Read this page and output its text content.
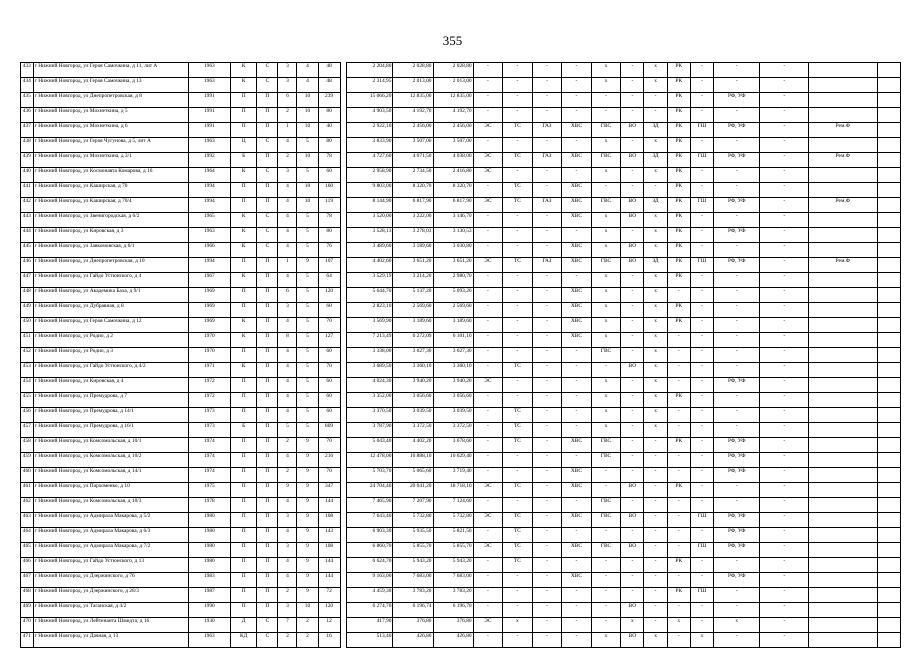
355
433	г Нижний Новгород, ул Героя Самочкина, д 11, лит А	1963	К	С	3	4	48		2 204,80	2 028,80	2 028,80	-	-	-	-	х	-	х	РК	-	-	-		
434	г Нижний Новгород, ул Героя Самочкина, д 13	1963	К	С	3	4	48		2 314,95	2 013,00	2 013,00	-	-	-	-	х	-	х	РК	-	-	-		
435	г Нижний Новгород, ул Днепропетровская, д 8	1991	П	П	6	10	239		15 066,20	12 835,00	12 835,00	-	-	-	-	-	-	-	РК	-	РФ, УФ	-		
436	г Нижний Новгород, ул Мохнеткина, д 5	1991	П	П	2	10	80		4 903,50	4 192,70	4 192,70	-	-	-	-	-	-	-	РК	-	-	-		
437	г Нижний Новгород, ул Мохнеткина, д 6	1991	П	П	1	10	40		2 922,10	2 456,00	2 456,00	ЭС	ТС	ГАЗ	ХВС	ГВС	ВО	ЗД	РК	ГШ	РФ, УФ	-	Рем.Ф	
438	г Нижний Новгород, ул Героя Чугунова, д 5, лит А	1963	Ц	С	4	5	80		3 833,90	3 507,00	3 507,00	-	-	-	-	х	-	х	РК	-	-	-		
439	г Нижний Новгород, ул Мохнеткина, д 3/1	1992	Б	П	2	10	78		4 727,60	4 071,50	4 038,00	ЭС	ТС	ГАЗ	ХВС	ГВС	ВО	ЗД	РК	ГШ	РФ, УФ	-	Рем.Ф	
440	г Нижний Новгород, ул Космонавта Комарова, д 16	1964	К	С	3	5	60		2 958,90	2 734,50	2 416,80	ЭС	-	-	-	х	-	х	РК	-	-	-		
441	г Нижний Новгород, ул Каширская, д 70	1994	П	П	4	10	160		9 803,00	8 320,70	8 320,70	-	ТС	-	ХВС	-	-	-	РК	-	-	-		
442	г Нижний Новгород, ул Каширская, д 70/4	1994	П	П	4	10	119		8 144,90	6 817,90	6 817,90	ЭС	ТС	ГАЗ	ХВС	ГВС	ВО	ЗД	РК	ГШ	РФ, УФ	-	Рем.Ф	
443	г Нижний Новгород, ул Звенигородская, д 6/2	1965	К	С	4	5	78		3 520,00	3 222,00	3 146,70	-	-	-	ХВС	х	ВО	х	РК	-	-	-		
444	г Нижний Новгород, ул Кировская, д 3	1963	К	С	4	5	80		3 528,13	3 278,03	3 130,53	-	-	-	-	х	-	х	РК	-	РФ, УФ	-		
445	г Нижний Новгород, ул Завкомовская, д 6/1	1966	К	С	4	5	76		3 489,60	3 189,60	3 030,80	-	-	-	ХВС	х	ВО	х	РК	-	-	-		
446	г Нижний Новгород, ул Днепропетровская, д 10	1994	П	П	1	9	107		4 402,60	3 651,20	3 651,20	ЭС	ТС	ГАЗ	ХВС	ГВС	ВО	ЗД	РК	ГШ	РФ, УФ	-	Рем.Ф	
447	г Нижний Новгород, ул Гайдо Устюнского, д 4	1967	К	П	4	5	64		3 529,19	3 214,20	2 980,70	-	-	-	-	х	-	х	РК	-	-	-		
448	г Нижний Новгород, ул Академика Баха, д 9/1	1969	П	П	6	5	120		5 644,70	5 137,20	5 093,20	-	-	-	ХВС	х	-	х	-	-	-	-		
449	г Нижний Новгород, ул Дубравная, д 8	1969	П	П	3	5	60		2 823,10	2 569,60	2 569,60	-	-	-	ХВС	х	-	х	РК	-	-	-		
450	г Нижний Новгород, ул Героя Самочкина, д 12	1969	К	П	4	5	70		3 569,90	3 189,60	3 189,60	-	-	-	ХВС	х	-	х	РК	-	-	-		
451	г Нижний Новгород, ул Родио, д 2	1970	К	П	8	5	127		7 213,49	6 272,09	6 101,10	-	-	-	ХВС	х	-	х	-	-	-	-		
452	г Нижний Новгород, ул Родио, д 3	1970	П	П	4	5	60		3 338,00	3 027,30	3 027,30	-	-	-	-	ГВС	-	х	-	-	-	-		
453	г Нижний Новгород, ул Гайдо Устюнского, д 4/2	1971	К	П	4	5	70		3 689,50	3 360,10	3 360,10	-	ТС	-	-	-	ВО	х	-	-	-	-		
454	г Нижний Новгород, ул Кировская, д 4	1972	П	П	4	5	60		4 024,30	3 940,20	3 940,20	ЭС	-	-	-	х	-	х	-	-	РФ, УФ	-		
455	г Нижний Новгород, ул Премудрова, д 7	1972	П	П	4	5	60		3 352,00	3 056,60	3 056,60	-	-	-	-	х	-	х	РК	-	-	-		
456	г Нижний Новгород, ул Премудрова, д 14/1	1973	П	П	4	5	60		3 370,50	3 039,50	3 039,50	-	ТС	-	-	х	-	х	-	-	-	-		
457	г Нижний Новгород, ул Премудрова, д 16/1	1973	Б	П	5	5	809		3 787,90	3 372,50	3 372,50	-	ТС	-	-	х	-	х	-	-	-	-		
458	г Нижний Новгород, ул Комсомольская, д 10/1	1974	П	П	2	9	70		5 043,40	4 402,20	3 678,60	-	ТС	-	ХВС	ГВС	-	-	РК	-	РФ, УФ	-		
459	г Нижний Новгород, ул Комсомольская, д 10/2	1974	П	П	4	9	216		12 478,00	10 888,10	10 629,40	-	-	-	-	ГВС	-	-	-	-	РФ, УФ	-		
460	г Нижний Новгород, ул Комсомольская, д 14/1	1974	П	П	2	9	70		5 703,70	5 065,60	3 719,40	-	-	-	ХВС	-	-	-	-	-	РФ, УФ	-		
461	г Нижний Новгород, ул Пархоменко, д 10	1975	П	П	9	9	347		24 704,40	20 041,20	18 718,10	ЭС	ТС	-	ХВС	-	ВО	-	РК	-	-	-		
462	г Нижний Новгород, ул Комсомольская, д 10/3	1978	П	П	4	9	144		7 465,90	7 207,90	7 124,60	-	-	-	-	ГВС	-	-	-	-	-	-		
463	г Нижний Новгород, ул Адмирала Макарова, д 5/2	1980	П	П	3	9	108		7 643,40	5 732,80	5 732,80	ЭС	ТС	-	ХВС	ГВС	ВО	-	-	ГШ	РФ, УФ	-		
464	г Нижний Новгород, ул Адмирала Макарова, д 6/3	1980	П	П	4	9	143		6 903,30	5 935,50	5 821,50	-	ТС	-	-	-	-	-	-	-	РФ, УФ	-		
465	г Нижний Новгород, ул Адмирала Макарова, д 7/2	1980	П	П	3	9	108		6 860,70	5 855,70	5 855,70	ЭС	ТС	-	ХВС	ГВС	ВО	-	-	ГШ	РФ, УФ	-		
466	г Нижний Новгород, ул Гайдо Устюнского, д 13	1980	П	П	4	9	144		6 624,70	5 943,20	5 943,20	-	ТС	-	-	-	-	-	РК	-	-	-		
467	г Нижний Новгород, ул Дзержинского, д 76	1983	П	П	4	9	144		9 163,00	7 683,00	7 683,00	-	-	-	ХВС	-	-	-	-	-	РФ, УФ	-		
468	г Нижний Новгород, ул Дзержинского, д 28/3	1987	П	П	2	9	72		4 459,30	3 783,20	3 783,20	-	-	-	-	-	-	-	РК	ГШ	-	-		
469	г Нижний Новгород, ул Таганская, д 4/2	1990	П	П	3	10	120		6 274,70	6 196,74	6 196,70	-	-	-	-	-	ВО	-	-	-	-	-		
470	г Нижний Новгород, ул Лейтенанта Шмидта, д 16	1930	Д	С	7	2	12		417,90	376,80	376,80	ЭС	х	-	-	-	х	-	х	-	х	-		
471	г Нижний Новгород, ул Дачная, д 13	1963	КД	С	2	2	16		513,40	426,80	426,80	-	-	-	-	х	ВО	х	-	х	-	-		
